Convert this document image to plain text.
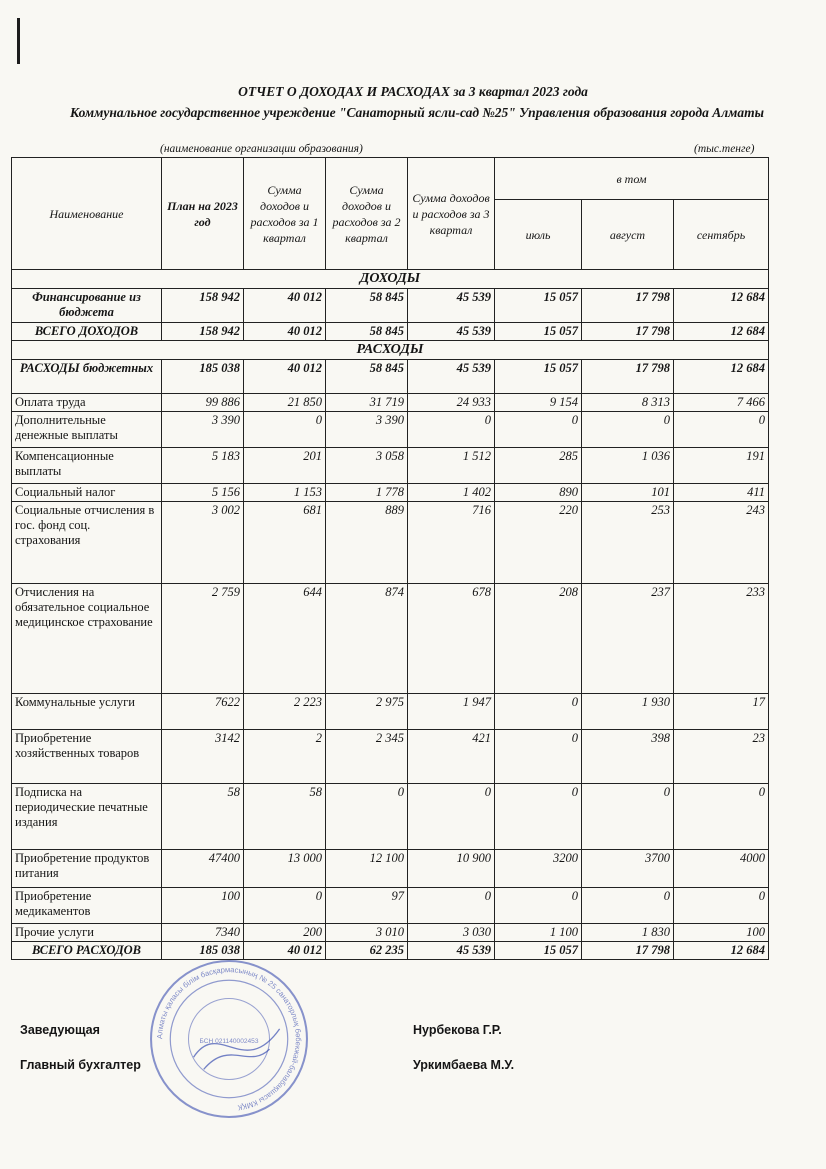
ОТЧЕТ О ДОХОДАХ И РАСХОДАХ за 3 квартал 2023 года
Коммунальное государственное учреждение "Санаторный ясли-сад №25" Управления образования города Алматы
(наименование организации образования)	(тыс.тенге)
Наименование	План на 2023 год	Сумма доходов и расходов за 1 квартал	Сумма доходов и расходов за 2 квартал	Сумма доходов и расходов за 3 квартал	в том		
					июль	август	сентябрь
ДОХОДЫ							
Финансирование из бюджета	158 942	40 012	58 845	45 539	15 057	17 798	12 684
ВСЕГО ДОХОДОВ	158 942	40 012	58 845	45 539	15 057	17 798	12 684
РАСХОДЫ							
РАСХОДЫ бюджетных	185 038	40 012	58 845	45 539	15 057	17 798	12 684
Оплата труда	99 886	21 850	31 719	24 933	9 154	8 313	7 466
Дополнительные денежные выплаты	3 390	0	3 390	0	0	0	0
Компенсационные выплаты	5 183	201	3 058	1 512	285	1 036	191
Социальный налог	5 156	1 153	1 778	1 402	890	101	411
Социальные отчисления в гос. фонд соц. страхования	3 002	681	889	716	220	253	243
Отчисления на обязательное социальное медицинское страхование	2 759	644	874	678	208	237	233
Коммунальные услуги	7622	2 223	2 975	1 947	0	1 930	17
Приобретение хозяйственных товаров	3142	2	2 345	421	0	398	23
Подписка на периодические печатные издания	58	58	0	0	0	0	0
Приобретение продуктов питания	47400	13 000	12 100	10 900	3200	3700	4000
Приобретение медикаментов	100	0	97	0	0	0	0
Прочие услуги	7340	200	3 010	3 030	1 100	1 830	100
ВСЕГО РАСХОДОВ	185 038	40 012	62 235	45 539	15 057	17 798	12 684
Заведующая	Нурбекова Г.Р.
Главный бухгалтер	Уркимбаева М.У.
Алматы қаласы білім басқармасының № 25 санаторлық бөбекжай-балабақшасы КМҚК
БСН 021140002453
